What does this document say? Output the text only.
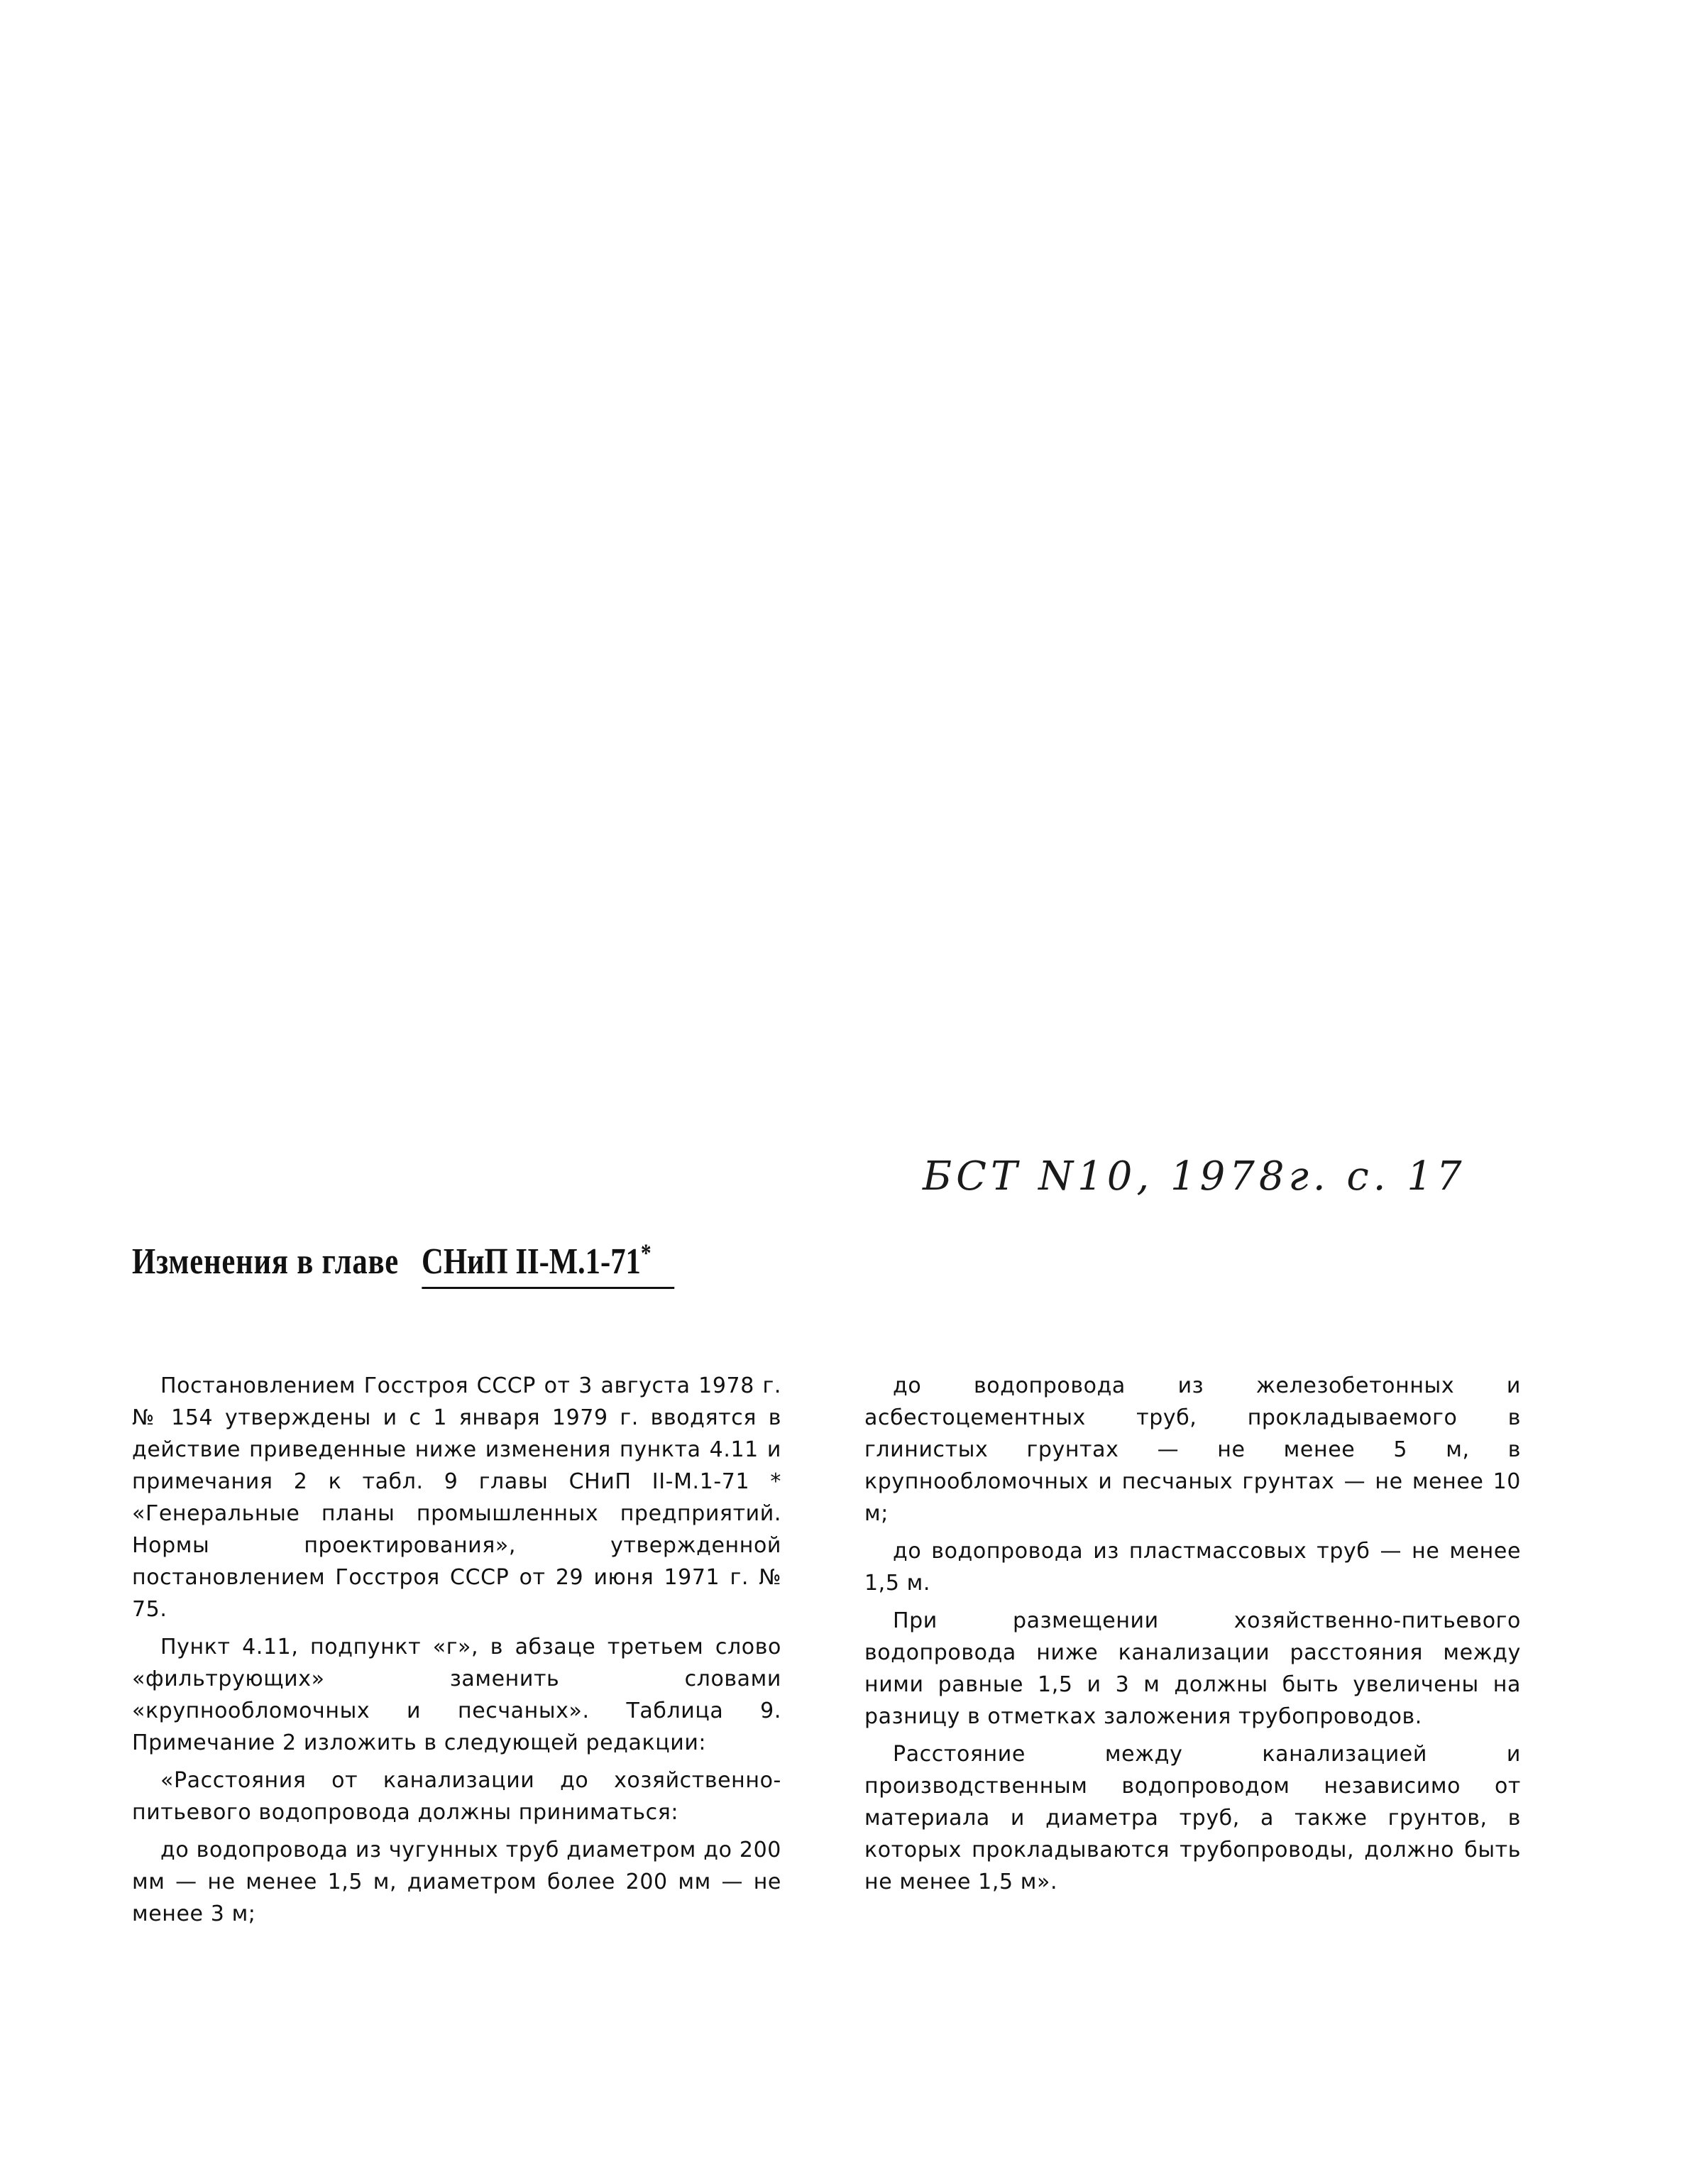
БСТ N10, 1978г. с. 17
Изменения в главе СНиП II-М.1-71*

Постановлением Госстроя СССР от 3 августа 1978 г. № 154 утверждены и с 1 января 1979 г. вводятся в действие приведенные ниже изменения пункта 4.11 и примечания 2 к табл. 9 главы СНиП II-М.1-71 * «Генеральные планы промышленных предприятий. Нормы проектирования», утвержденной постановлением Госстроя СССР от 29 июня 1971 г. № 75.

Пункт 4.11, подпункт «г», в абзаце третьем слово «фильтрующих» заменить словами «крупнообломочных и песчаных». Таблица 9. Примечание 2 изложить в следующей редакции:

«Расстояния от канализации до хозяйственно-питьевого водопровода должны приниматься:

до водопровода из чугунных труб диаметром до 200 мм — не менее 1,5 м, диаметром более 200 мм — не менее 3 м;

до водопровода из железобетонных и асбестоцементных труб, прокладываемого в глинистых грунтах — не менее 5 м, в крупнообломочных и песчаных грунтах — не менее 10 м;

до водопровода из пластмассовых труб — не менее 1,5 м.

При размещении хозяйственно-питьевого водопровода ниже канализации расстояния между ними равные 1,5 и 3 м должны быть увеличены на разницу в отметках заложения трубопроводов.

Расстояние между канализацией и производственным водопроводом независимо от материала и диаметра труб, а также грунтов, в которых прокладываются трубопроводы, должно быть не менее 1,5 м».
